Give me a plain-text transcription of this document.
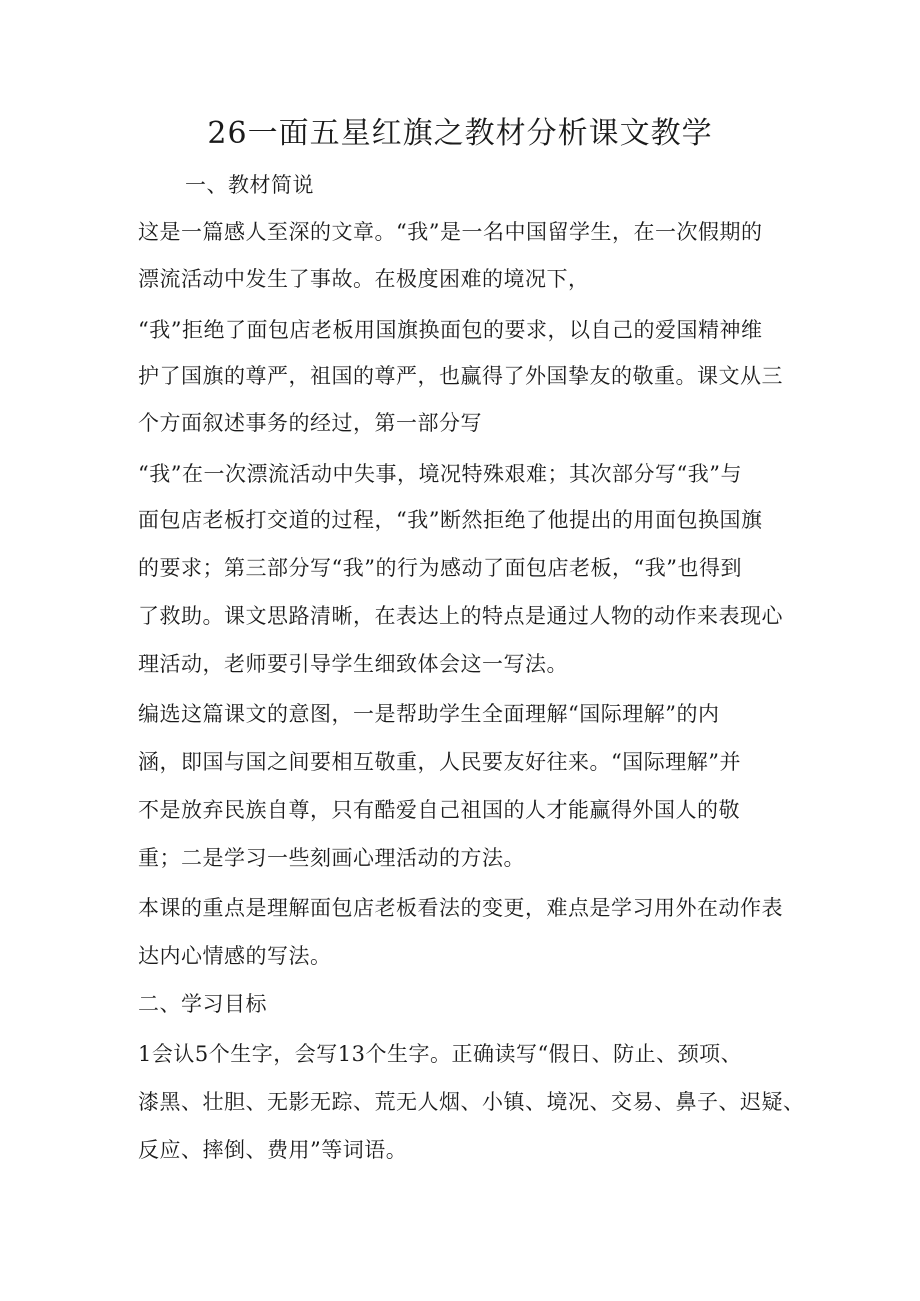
26一面五星红旗之教材分析课文教学
一、教材简说
这是一篇感人至深的文章。“我”是一名中国留学生，在一次假期的
漂流活动中发生了事故。在极度困难的境况下，
“我”拒绝了面包店老板用国旗换面包的要求，以自己的爱国精神维
护了国旗的尊严，祖国的尊严，也赢得了外国挚友的敬重。课文从三
个方面叙述事务的经过，第一部分写
“我”在一次漂流活动中失事，境况特殊艰难；其次部分写“我”与
面包店老板打交道的过程，“我”断然拒绝了他提出的用面包换国旗
的要求；第三部分写“我”的行为感动了面包店老板，“我”也得到
了救助。课文思路清晰，在表达上的特点是通过人物的动作来表现心
理活动，老师要引导学生细致体会这一写法。
编选这篇课文的意图，一是帮助学生全面理解“国际理解”的内
涵，即国与国之间要相互敬重，人民要友好往来。“国际理解”并
不是放弃民族自尊，只有酷爱自己祖国的人才能赢得外国人的敬
重；二是学习一些刻画心理活动的方法。
本课的重点是理解面包店老板看法的变更，难点是学习用外在动作表
达内心情感的写法。
二、学习目标
1会认5个生字，会写13个生字。正确读写“假日、防止、颈项、
漆黑、壮胆、无影无踪、荒无人烟、小镇、境况、交易、鼻子、迟疑、
反应、摔倒、费用”等词语。
